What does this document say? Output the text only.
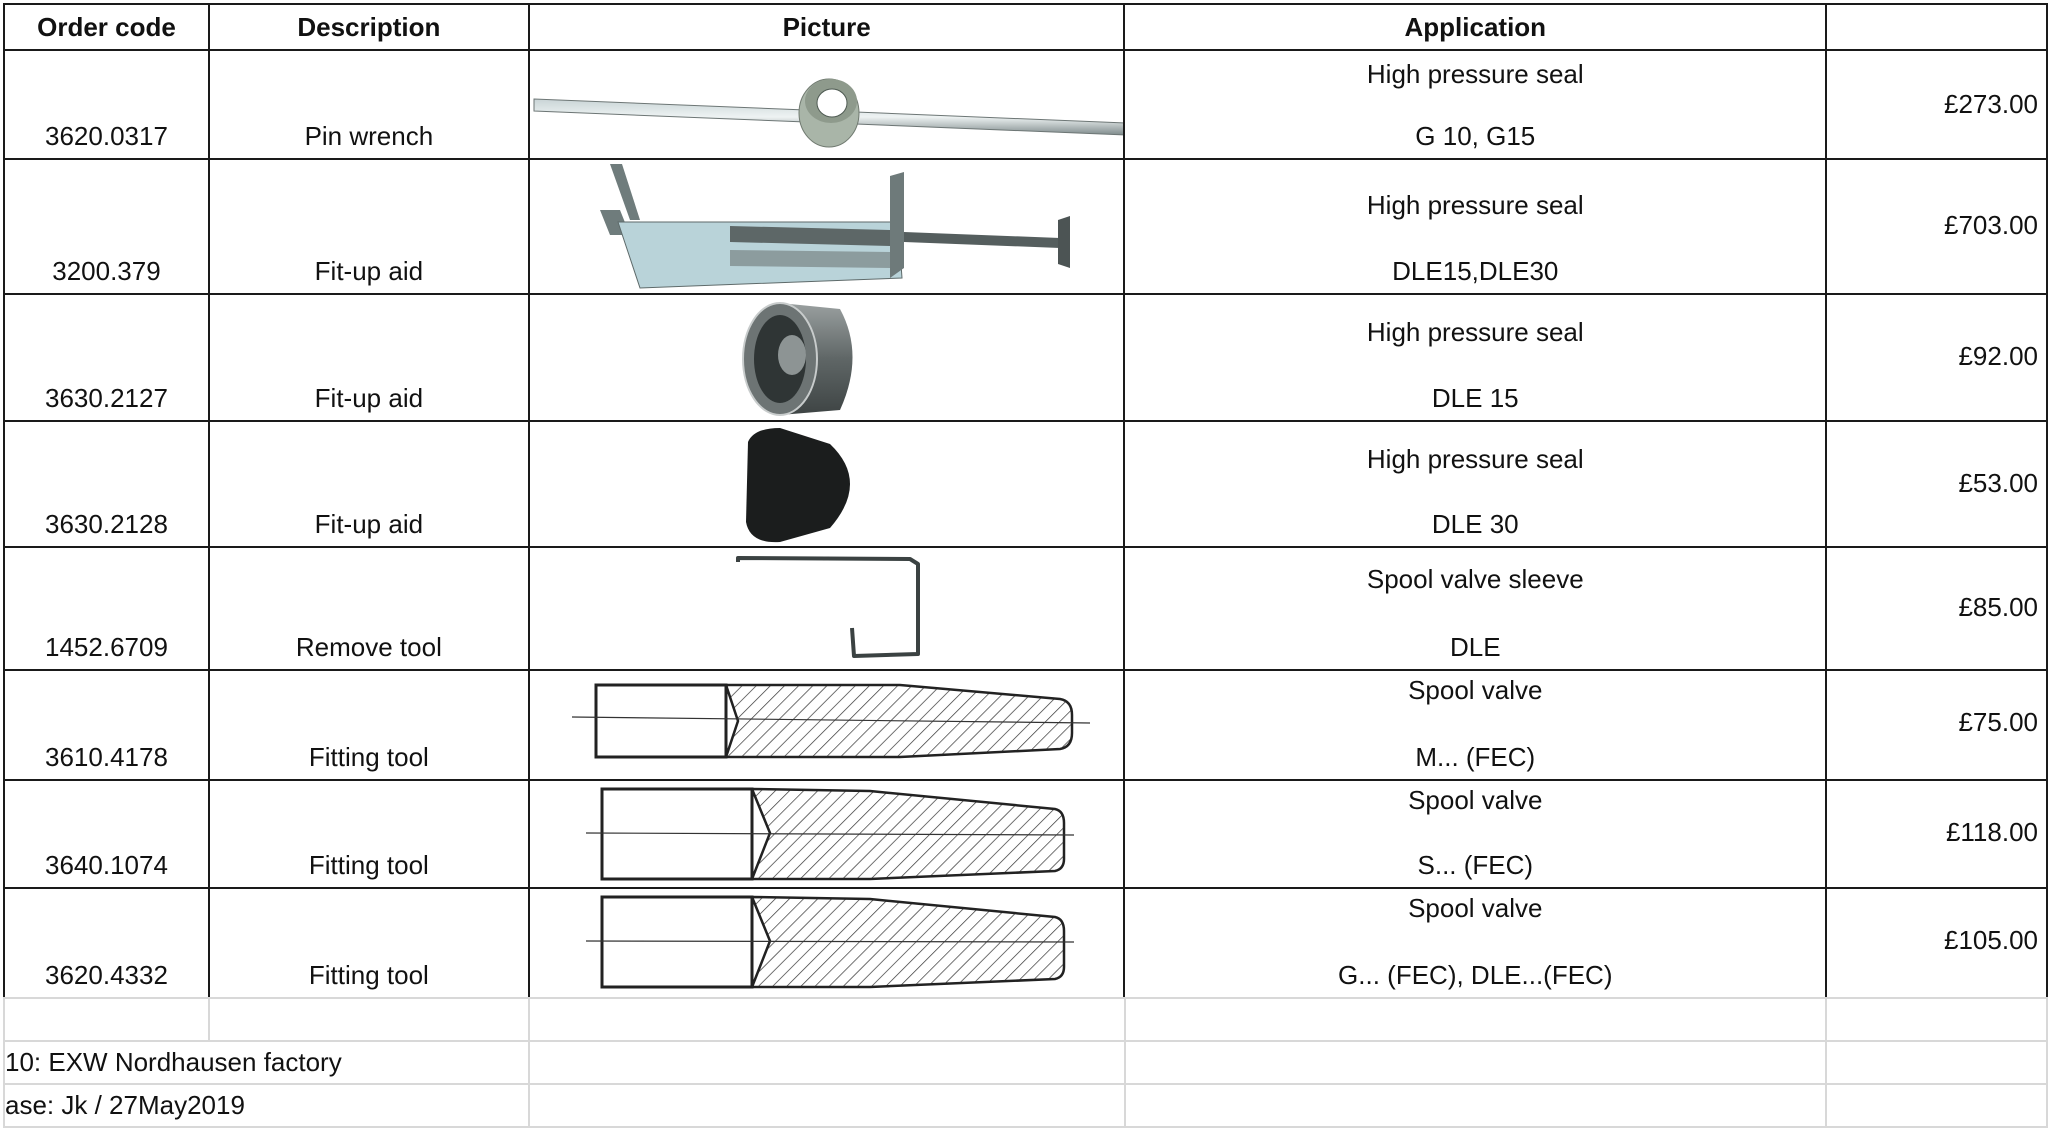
Order code	Description	Picture	Application	

3620.0317	Pin wrench		High pressure seal
G 10, G15	£273.00

3200.379	Fit-up aid		High pressure seal
DLE15,DLE30	£703.00

3630.2127	Fit-up aid		High pressure seal
DLE 15	£92.00

3630.2128	Fit-up aid		High pressure seal
DLE 30	£53.00

1452.6709	Remove tool		Spool valve sleeve
DLE	£85.00

3610.4178	Fitting tool		Spool valve
M... (FEC)	£75.00

3640.1074	Fitting tool		Spool valve
S... (FEC)	£118.00

3620.4332	Fitting tool		Spool valve
G... (FEC), DLE...(FEC)	£105.00

10: EXW Nordhausen factory				
ase: Jk / 27May2019				
